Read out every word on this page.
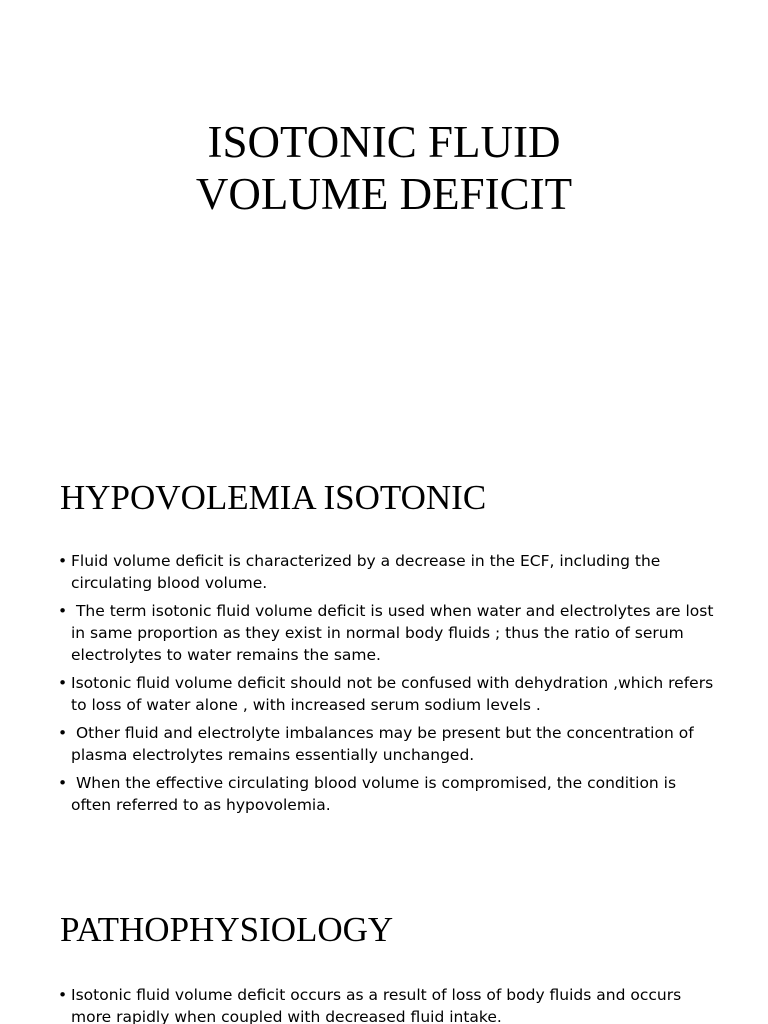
ISOTONIC FLUID
VOLUME DEFICIT
HYPOVOLEMIA ISOTONIC
• Fluid volume deficit is characterized by a decrease in the ECF, including the circulating blood volume.
• The term isotonic fluid volume deficit is used when water and electrolytes are lost in same proportion as they exist in normal body fluids ; thus the ratio of serum electrolytes to water remains the same.
• Isotonic fluid volume deficit should not be confused with dehydration ,which refers to loss of water alone , with increased serum sodium levels .
• Other fluid and electrolyte imbalances may be present but the concentration of plasma electrolytes remains essentially unchanged.
• When the effective circulating blood volume is compromised, the condition is often referred to as hypovolemia.
PATHOPHYSIOLOGY
• Isotonic fluid volume deficit occurs as a result of loss of body fluids and occurs more rapidly when coupled with decreased fluid intake.
